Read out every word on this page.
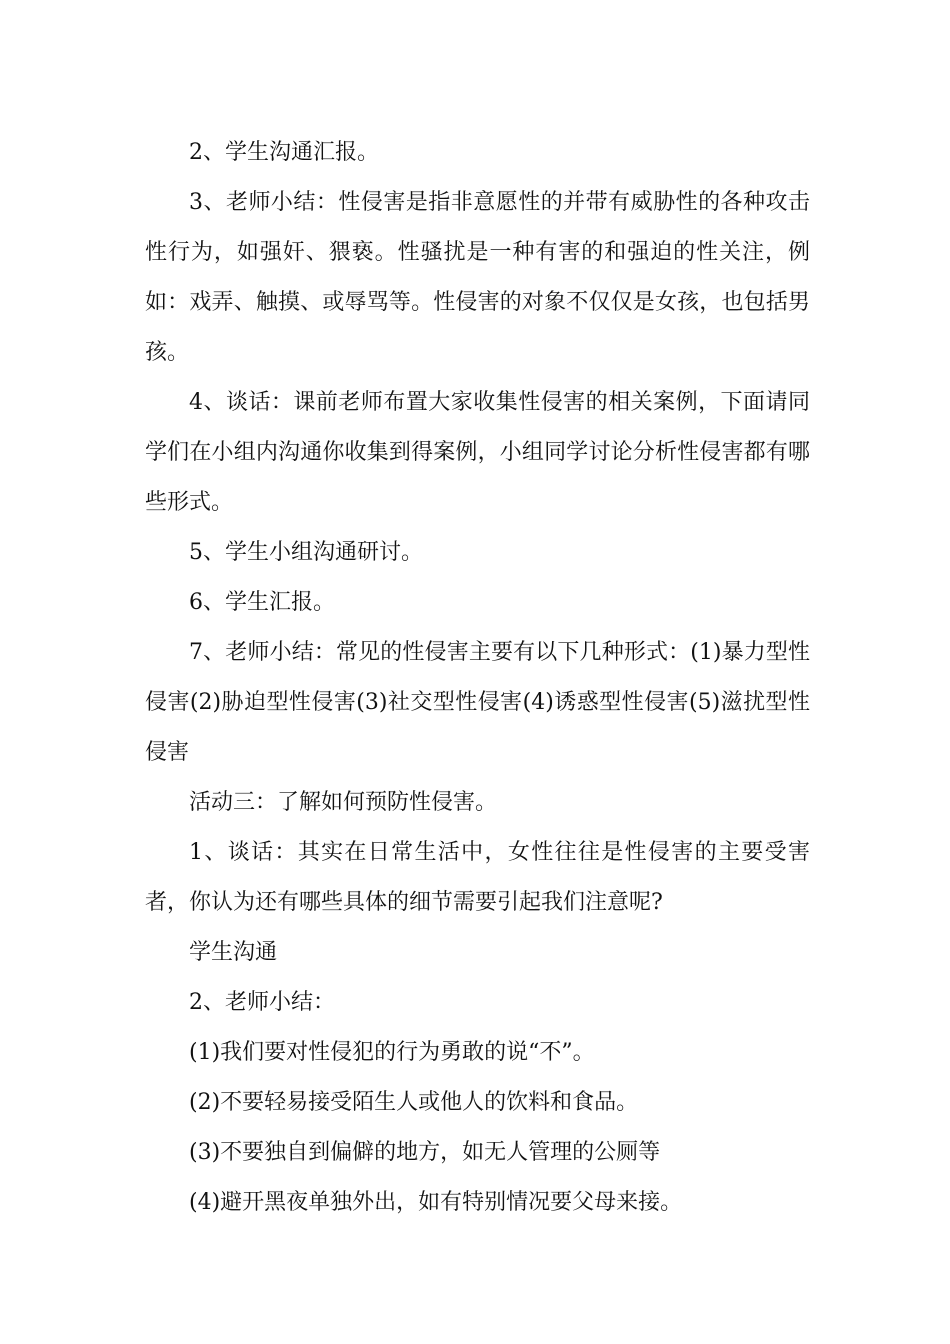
2、学生沟通汇报。

3、老师小结：性侵害是指非意愿性的并带有威胁性的各种攻击性行为，如强奸、猥亵。性骚扰是一种有害的和强迫的性关注，例如：戏弄、触摸、或辱骂等。性侵害的对象不仅仅是女孩，也包括男孩。

4、谈话：课前老师布置大家收集性侵害的相关案例，下面请同学们在小组内沟通你收集到得案例，小组同学讨论分析性侵害都有哪些形式。

5、学生小组沟通研讨。

6、学生汇报。

7、老师小结：常见的性侵害主要有以下几种形式：(1)暴力型性侵害(2)胁迫型性侵害(3)社交型性侵害(4)诱惑型性侵害(5)滋扰型性侵害

活动三：了解如何预防性侵害。

1、谈话：其实在日常生活中，女性往往是性侵害的主要受害者，你认为还有哪些具体的细节需要引起我们注意呢?

学生沟通

2、老师小结：

(1)我们要对性侵犯的行为勇敢的说“不”。

(2)不要轻易接受陌生人或他人的饮料和食品。

(3)不要独自到偏僻的地方，如无人管理的公厕等

(4)避开黑夜单独外出，如有特别情况要父母来接。
